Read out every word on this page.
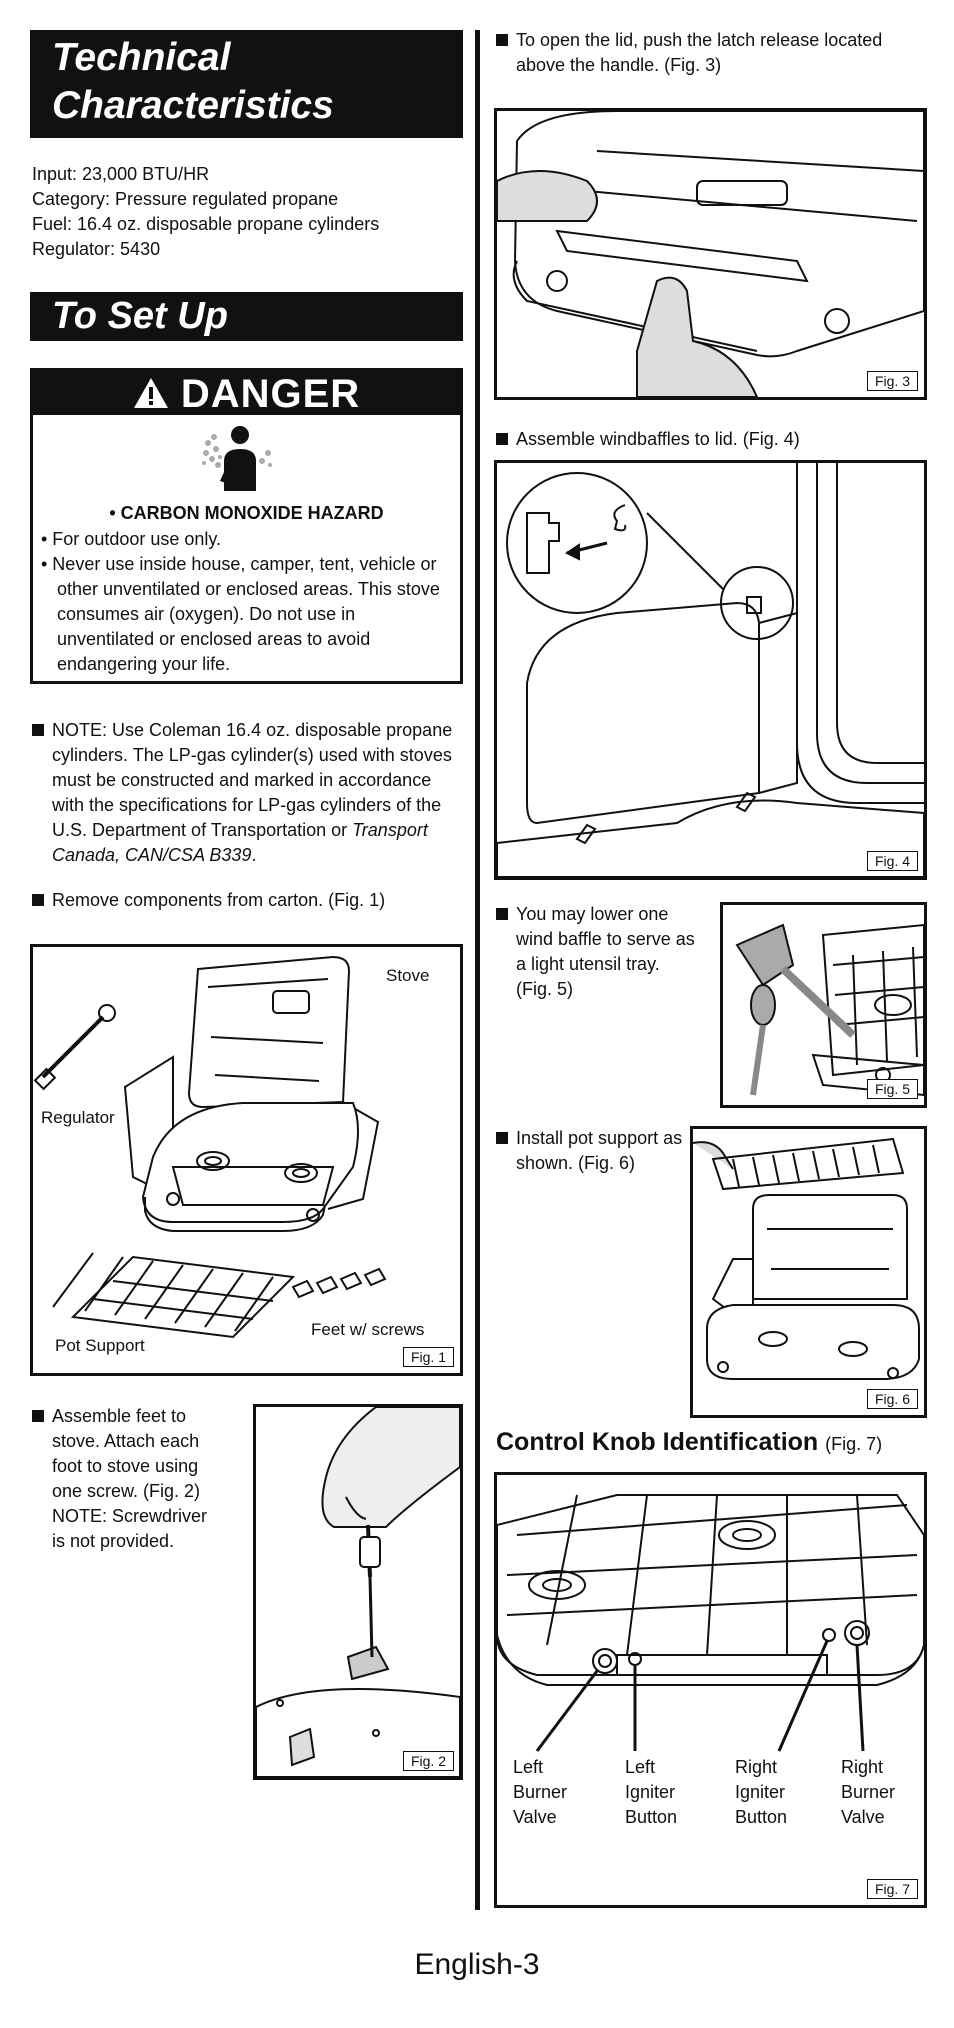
Technical
Characteristics
Input: 23,000 BTU/HR
Category: Pressure regulated propane
Fuel: 16.4 oz. disposable propane cylinders
Regulator: 5430
To Set Up
DANGER
• CARBON MONOXIDE HAZARD
• For outdoor use only.
• Never use inside house, camper, tent, vehicle or other unventilated or enclosed areas. This stove consumes air (oxygen). Do not use in unventilated or enclosed areas to avoid endangering your life.
NOTE: Use Coleman 16.4 oz. disposable propane cylinders. The LP-gas cylinder(s) used with stoves must be constructed and marked in accordance with the specifications for LP-gas cylinders of the U.S. Department of Transportation or Transport Canada, CAN/CSA B339.
Remove components from carton. (Fig. 1)
Stove
Regulator
Pot Support
Feet w/ screws
Fig. 1
Assemble feet to stove. Attach each foot to stove using one screw. (Fig. 2) NOTE: Screwdriver is not provided.
Fig. 2
To open the lid, push the latch release located above the handle. (Fig. 3)
Fig. 3
Assemble windbaffles to lid. (Fig. 4)
Fig. 4
You may lower one wind baffle to serve as a light utensil tray. (Fig. 5)
Fig. 5
Install pot support as shown. (Fig. 6)
Fig. 6
Control Knob Identification (Fig. 7)
Left
Burner
Valve
Left
Igniter
Button
Right
Igniter
Button
Right
Burner
Valve
Fig. 7
English-3
